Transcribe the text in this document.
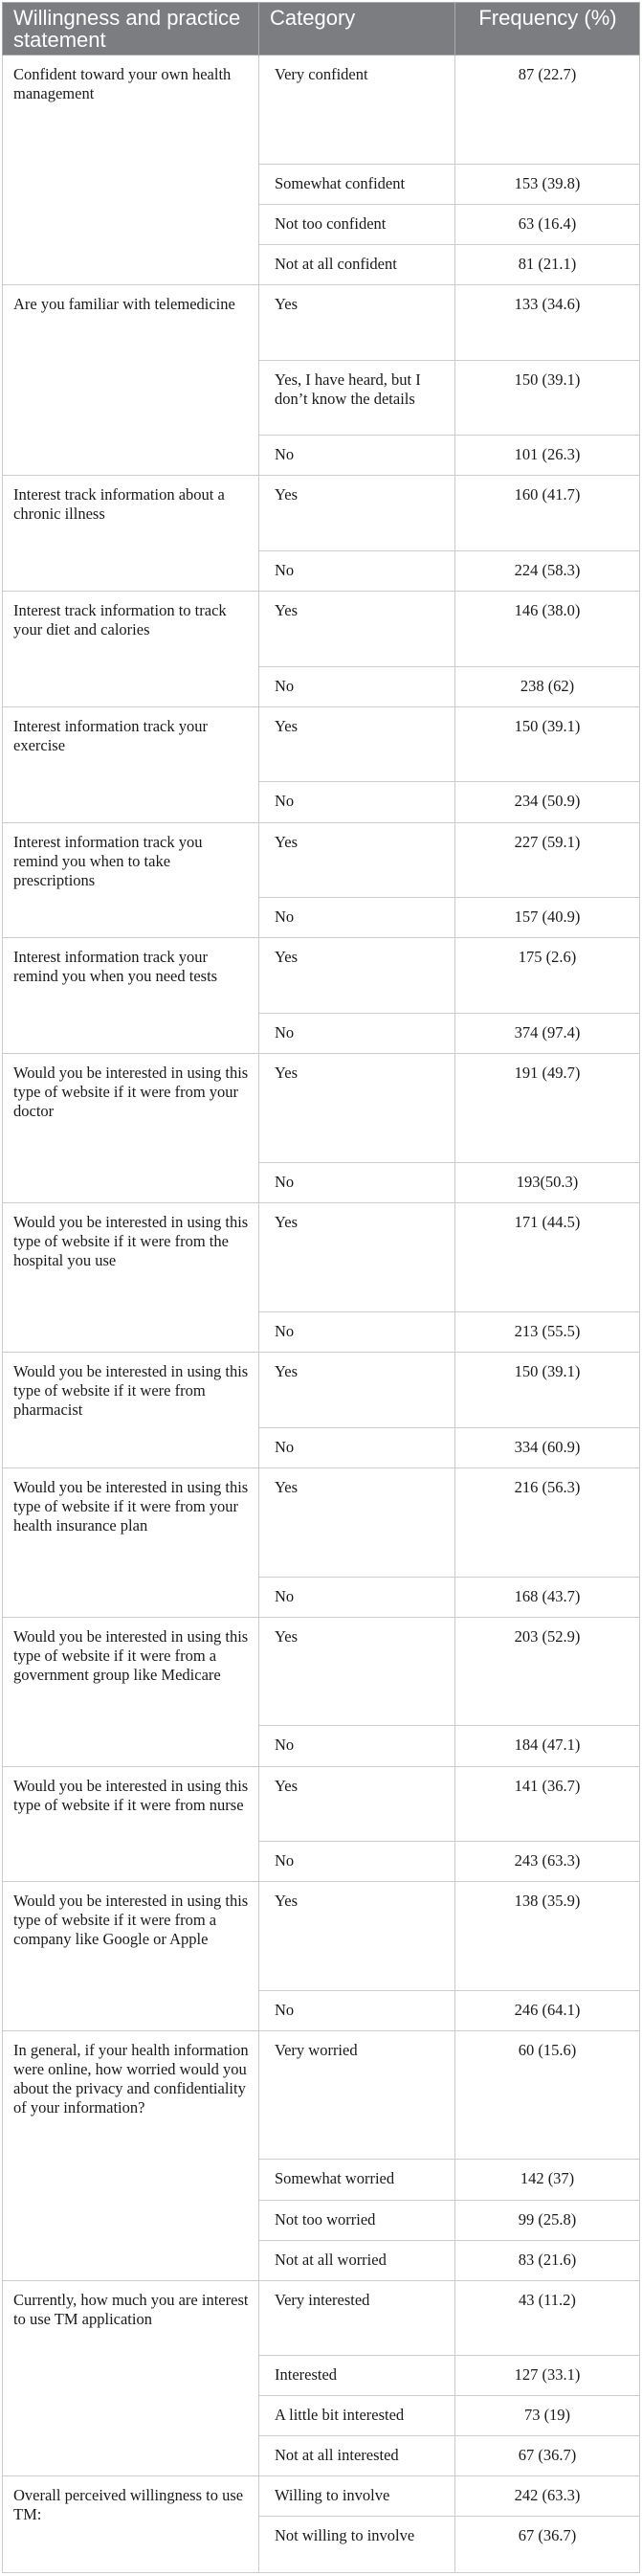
Willingness and practice statement	Category	Frequency (%)
Confident toward your own health management	Very confident	87 (22.7)
	Somewhat confident	153 (39.8)
	Not too confident	63 (16.4)
	Not at all confident	81 (21.1)
Are you familiar with telemedicine	Yes	133 (34.6)
	Yes, I have heard, but I don’t know the details	150 (39.1)
	No	101 (26.3)
Interest track information about a chronic illness	Yes	160 (41.7)
	No	224 (58.3)
Interest track information to track your diet and calories	Yes	146 (38.0)
	No	238 (62)
Interest information track your exercise	Yes	150 (39.1)
	No	234 (50.9)
Interest information track you remind you when to take prescriptions	Yes	227 (59.1)
	No	157 (40.9)
Interest information track your remind you when you need tests	Yes	175 (2.6)
	No	374 (97.4)
Would you be interested in using this type of website if it were from your doctor	Yes	191 (49.7)
	No	193(50.3)
Would you be interested in using this type of website if it were from the hospital you use	Yes	171 (44.5)
	No	213 (55.5)
Would you be interested in using this type of website if it were from pharmacist	Yes	150 (39.1)
	No	334 (60.9)
Would you be interested in using this type of website if it were from your health insurance plan	Yes	216 (56.3)
	No	168 (43.7)
Would you be interested in using this type of website if it were from a government group like Medicare	Yes	203 (52.9)
	No	184 (47.1)
Would you be interested in using this type of website if it were from nurse	Yes	141 (36.7)
	No	243 (63.3)
Would you be interested in using this type of website if it were from a company like Google or Apple	Yes	138 (35.9)
	No	246 (64.1)
In general, if your health information were online, how worried would you about the privacy and confidentiality of your information?	Very worried	60 (15.6)
	Somewhat worried	142 (37)
	Not too worried	99 (25.8)
	Not at all worried	83 (21.6)
Currently, how much you are interest to use TM application	Very interested	43 (11.2)
	Interested	127 (33.1)
	A little bit interested	73 (19)
	Not at all interested	67 (36.7)
Overall perceived willingness to use TM:	Willing to involve	242 (63.3)
	Not willing to involve	67 (36.7)
